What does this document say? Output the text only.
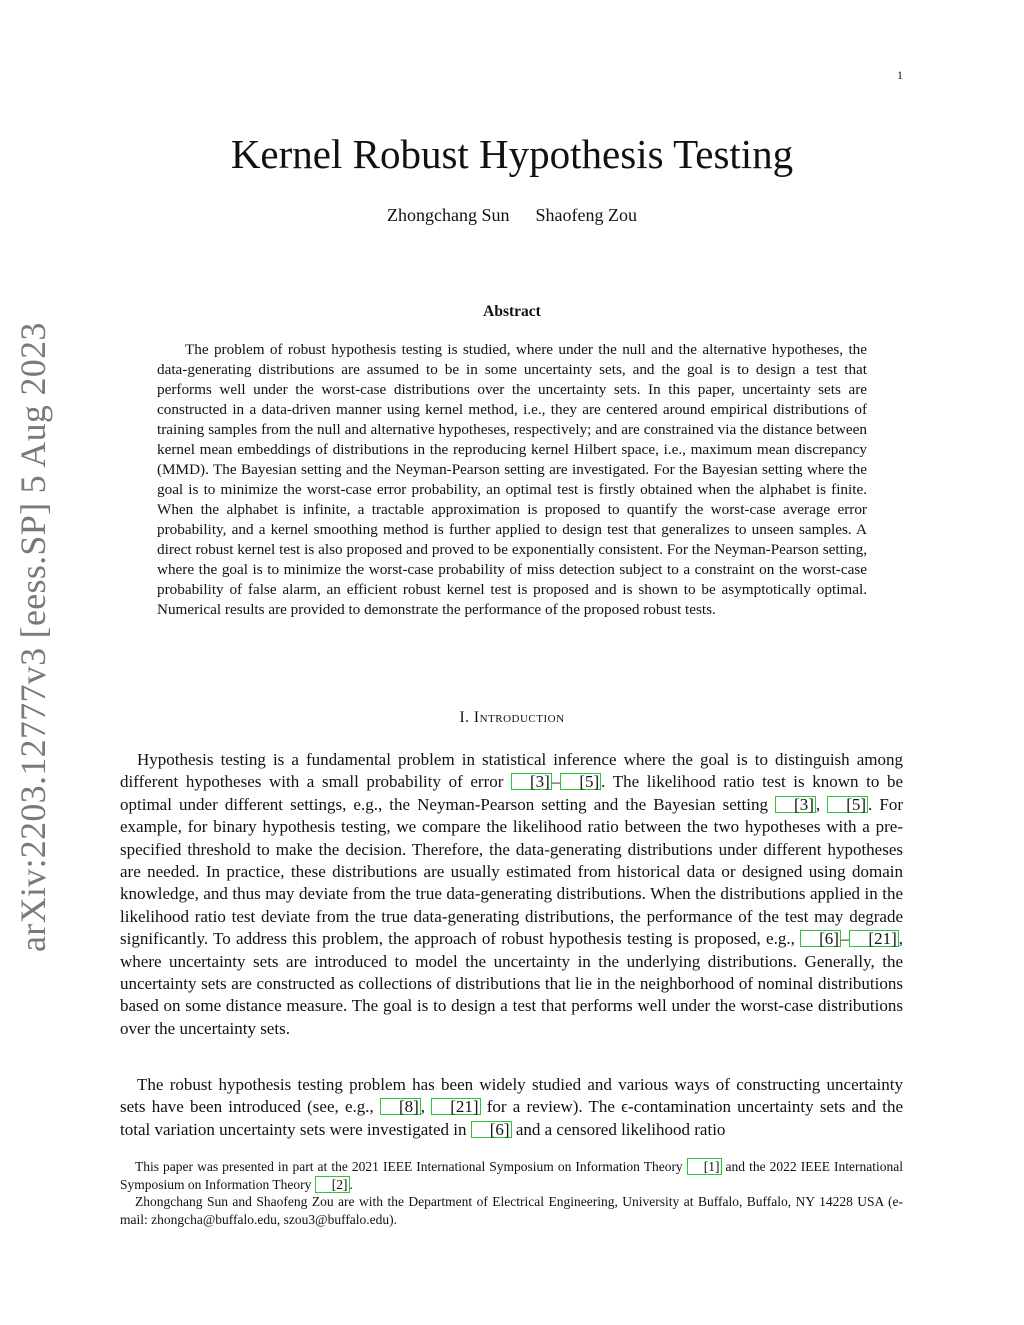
1
arXiv:2203.12777v3 [eess.SP] 5 Aug 2023
Kernel Robust Hypothesis Testing
Zhongchang Sun Shaofeng Zou
Abstract

The problem of robust hypothesis testing is studied, where under the null and the alternative hypotheses, the data-generating distributions are assumed to be in some uncertainty sets, and the goal is to design a test that performs well under the worst-case distributions over the uncertainty sets. In this paper, uncertainty sets are constructed in a data-driven manner using kernel method, i.e., they are centered around empirical distributions of training samples from the null and alternative hypotheses, respectively; and are constrained via the distance between kernel mean embeddings of distributions in the reproducing kernel Hilbert space, i.e., maximum mean discrepancy (MMD). The Bayesian setting and the Neyman-Pearson setting are investigated. For the Bayesian setting where the goal is to minimize the worst-case error probability, an optimal test is firstly obtained when the alphabet is finite. When the alphabet is infinite, a tractable approximation is proposed to quantify the worst-case average error probability, and a kernel smoothing method is further applied to design test that generalizes to unseen samples. A direct robust kernel test is also proposed and proved to be exponentially consistent. For the Neyman-Pearson setting, where the goal is to minimize the worst-case probability of miss detection subject to a constraint on the worst-case probability of false alarm, an efficient robust kernel test is proposed and is shown to be asymptotically optimal. Numerical results are provided to demonstrate the performance of the proposed robust tests.

I. Introduction

Hypothesis testing is a fundamental problem in statistical inference where the goal is to distinguish among different hypotheses with a small probability of error [3] – [5] . The likelihood ratio test is known to be optimal under different settings, e.g., the Neyman-Pearson setting and the Bayesian setting [3] , [5] . For example, for binary hypothesis testing, we compare the likelihood ratio between the two hypotheses with a pre-specified threshold to make the decision. Therefore, the data-generating distributions under different hypotheses are needed. In practice, these distributions are usually estimated from historical data or designed using domain knowledge, and thus may deviate from the true data-generating distributions. When the distributions applied in the likelihood ratio test deviate from the true data-generating distributions, the performance of the test may degrade significantly. To address this problem, the approach of robust hypothesis testing is proposed, e.g., [6] – [21] , where uncertainty sets are introduced to model the uncertainty in the underlying distributions. Generally, the uncertainty sets are constructed as collections of distributions that lie in the neighborhood of nominal distributions based on some distance measure. The goal is to design a test that performs well under the worst-case distributions over the uncertainty sets.

The robust hypothesis testing problem has been widely studied and various ways of constructing uncertainty sets have been introduced (see, e.g., [8] , [21] for a review). The ϵ-contamination uncertainty sets and the total variation uncertainty sets were investigated in [6] and a censored likelihood ratio

This paper was presented in part at the 2021 IEEE International Symposium on Information Theory [1] and the 2022 IEEE International Symposium on Information Theory [2] .

Zhongchang Sun and Shaofeng Zou are with the Department of Electrical Engineering, University at Buffalo, Buffalo, NY 14228 USA (e-mail: zhongcha@buffalo.edu, szou3@buffalo.edu).
